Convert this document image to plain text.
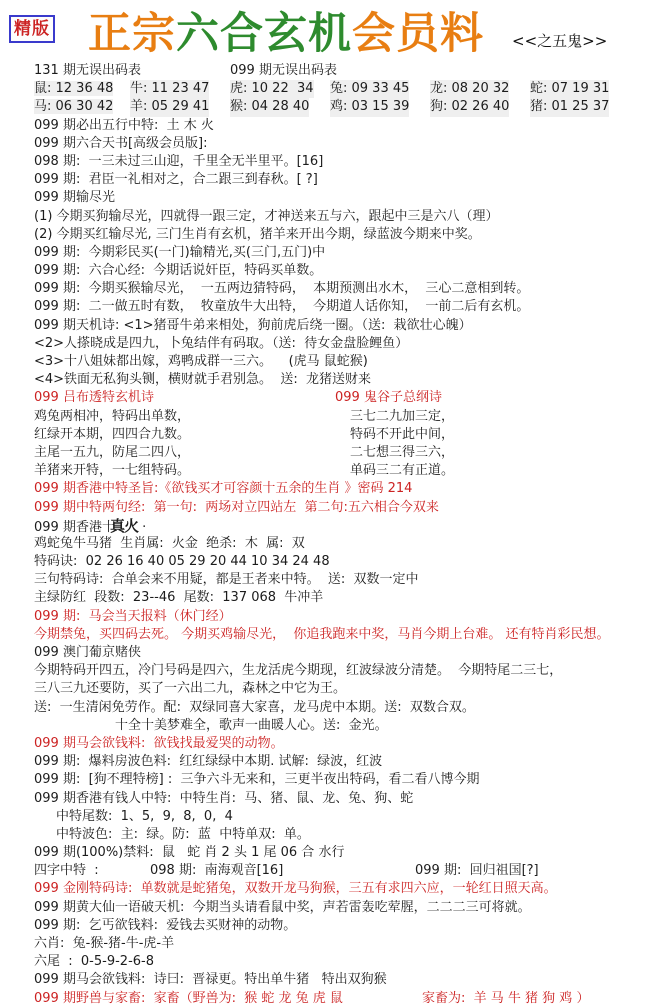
精版 正宗六合玄机会员料 <<之五鬼>>
131 期无误出码表	099 期无误出码表
鼠: 12 36 48 牛: 11 23 47 虎: 10 22  34 兔: 09 33 45 龙: 08 20 32 蛇: 07 19 31
马: 06 30 42 羊: 05 29 41 猴: 04 28 40 鸡: 03 15 39 狗: 02 26 40 猪: 01 25 37
099 期必出五行中特:  土 木 火
099 期六合天书[高级会员版]:
098 期:  一三未过三山迎，千里全无半里平。[16]
099 期:  君臣一礼相对之，合二跟三到春秋。[ ?]
099 期输尽光
(1) 今期买狗输尽光，四就得一跟三定，才神送来五与六，跟起中三是六八（理）
(2) 今期买红输尽光, 三门生肖有玄机，猪羊来开出今期，绿蓝波今期来中奖。
099 期:  今期彩民买(一门)输精光,买(三门,五门)中
099 期:  六合心经:  今期话说奸臣，特码买单数。
099 期:  今期买猴输尽光，  一五两边猜特码，  本期预测出水木，  三心二意相到转。
099 期:  二一做五时有数，  牧童放牛大出特，  今期道人话你知，  一前二后有玄机。
099 期天机诗: <1>猪哥牛弟来相处，狗前虎后绕一圈。（送:  栽欲壮心魄）
<2>人搽晓成是四九，卜兔结伴有码取。（送:  待女金盘脸鲤鱼）
<3>十八姐妹都出嫁，鸡鸭成群一三六。    (虎马 鼠蛇猴)
<4>铁面无私狗头铡，横财就手君别急。  送:  龙猪送财来
099 吕布透特玄机诗	099 鬼谷子总纲诗
鸡兔两相冲，特码出单数，	三七二九加三定，
红绿开本期，四四合九数。	特码不开此中间，
主尾一五九，防尾二四八，	二七想三得三六，
羊猪来开特，一七组特码。	单码三二有正道。
099 期香港中特圣旨:《欲钱买才可容颜十五余的生肖 》密码 214
099 期中特两句经:  第一句:  两场对立四站左  第二句:五六相合今双来
099 期香港十真火 ·
鸡蛇兔牛马猪  生肖属:  火金  绝杀:  木  属:  双
特码诀:  02 26 16 40 05 29 20 44 10 34 24 48
三句特码诗:  合单会来不用疑，都是王者来中特。  送:  双数一定中
主绿防红  段数:  23--46  尾数:  137 068  牛冲羊
099 期:  马会当天报料（休门经）
今期禁兔，买四码去死。 今期买鸡输尽光，  你追我跑来中奖，马肖今期上台难。 还有特肖彩民想。
099 澳门葡京赌侠
今期特码开四五，冷门号码是四六，生龙活虎今期现，红波绿波分清楚。  今期特尾二三七，
三八三九还要防，买了一六出二九，森林之中它为王。
送:  一生清闲免劳作。配:  双绿同喜大家喜，龙马虎中本期。送:  双数合双。
十全十美梦难全，歌声一曲暖人心。送:  金光。
099 期马会欲钱料:  欲钱找最爱哭的动物。
099 期:  爆料房波色料:  红红绿绿中本期. 试解:  绿波，红波
099 期:  [狗不理特榜] :  三争六斗无来和，三更半夜出特码，看二看八博今期
099 期香港有钱人中特:  中特生肖:  马、猪、鼠、龙、兔、狗、蛇
中特尾数:  1、5,  9,  8,  0,  4
中特波色:  主:  绿。防:  蓝  中特单双:  单。
099 期(100%)禁料:  鼠   蛇 肖 2 头 1 尾 06 合 水行
四字中特  :	098 期:  南海观音[16]	099 期:  回归祖国[?]
099 金刚特码诗:  单数就是蛇猪兔，双数开龙马狗猴，三五有求四六应，一轮红日照天高。
099 期黄大仙一语破天机:  今期当头请看鼠中奖，声若雷轰吃荤腥，二二二三可将就。
099 期:  乞丐欲钱料:  爱钱去买财神的动物。
六肖:  兔-猴-猪-牛-虎-羊
六尾  :  0-5-9-2-6-8
099 期马会欲钱料:  诗曰:  晋禄更。特出单牛猪   特出双狗猴
099 期野兽与家畜:  家畜（野兽为:  猴 蛇 龙 兔 虎 鼠	家畜为:  羊 马 牛 猪 狗 鸡 ）
